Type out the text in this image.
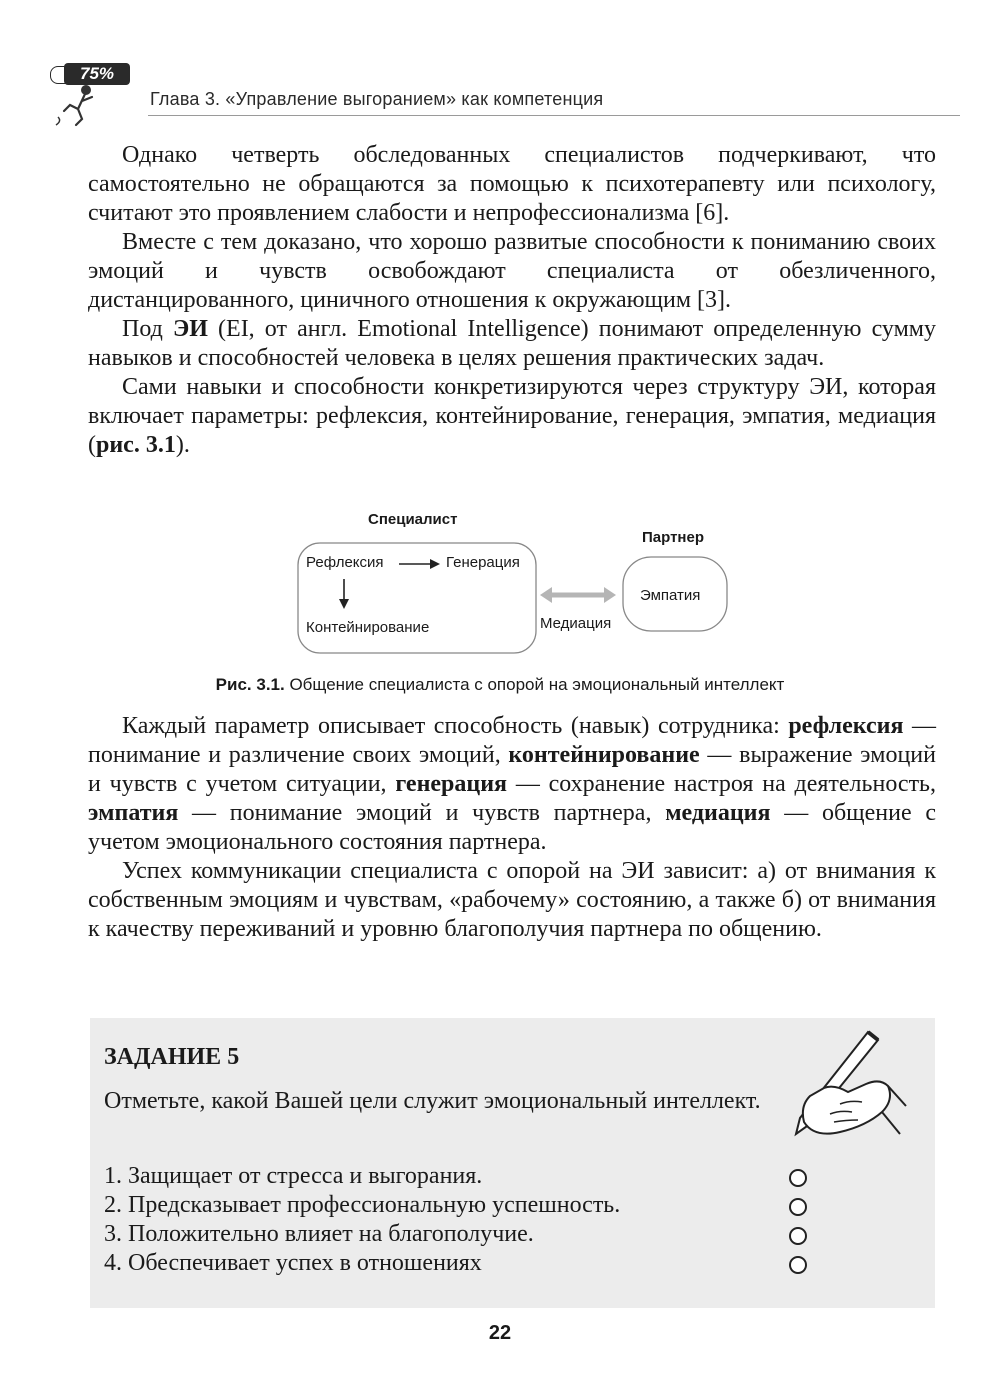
75%
Глава 3. «Управление выгоранием» как компетенция

Однако четверть обследованных специалистов подчеркивают, что самостоятельно не обращаются за помощью к психотерапевту или психологу, считают это проявлением слабости и непрофессионализма [6].

Вместе с тем доказано, что хорошо развитые способности к пониманию своих эмоций и чувств освобождают специалиста от обезличенного, дистанцированного, циничного отношения к окружающим [3].

Под ЭИ (EI, от англ. Emotional Intelligence) понимают определенную сумму навыков и способностей человека в целях решения практических задач.

Сами навыки и способности конкретизируются через структуру ЭИ, которая включает параметры: рефлексия, контейнирование, генерация, эмпатия, медиация (рис. 3.1).

Специалист
Партнер
Рефлексия	Генерация
Контейнирование
Эмпатия
Медиация
Рис. 3.1. Общение специалиста с опорой на эмоциональный интеллект

Каждый параметр описывает способность (навык) сотрудника: рефлексия — понимание и различение своих эмоций, контейнирование — выражение эмоций и чувств с учетом ситуации, генерация — сохранение настроя на деятельность, эмпатия — понимание эмоций и чувств партнера, медиация — общение с учетом эмоционального состояния партнера.

Успех коммуникации специалиста с опорой на ЭИ зависит: а) от внимания к собственным эмоциям и чувствам, «рабочему» состоянию, а также б) от внимания к качеству переживаний и уровню благополучия партнера по общению.

ЗАДАНИЕ 5
Отметьте, какой Вашей цели служит эмоциональный интеллект.
1. Защищает от стресса и выгорания.
2. Предсказывает профессиональную успешность.
3. Положительно влияет на благополучие.
4. Обеспечивает успех в отношениях
22
